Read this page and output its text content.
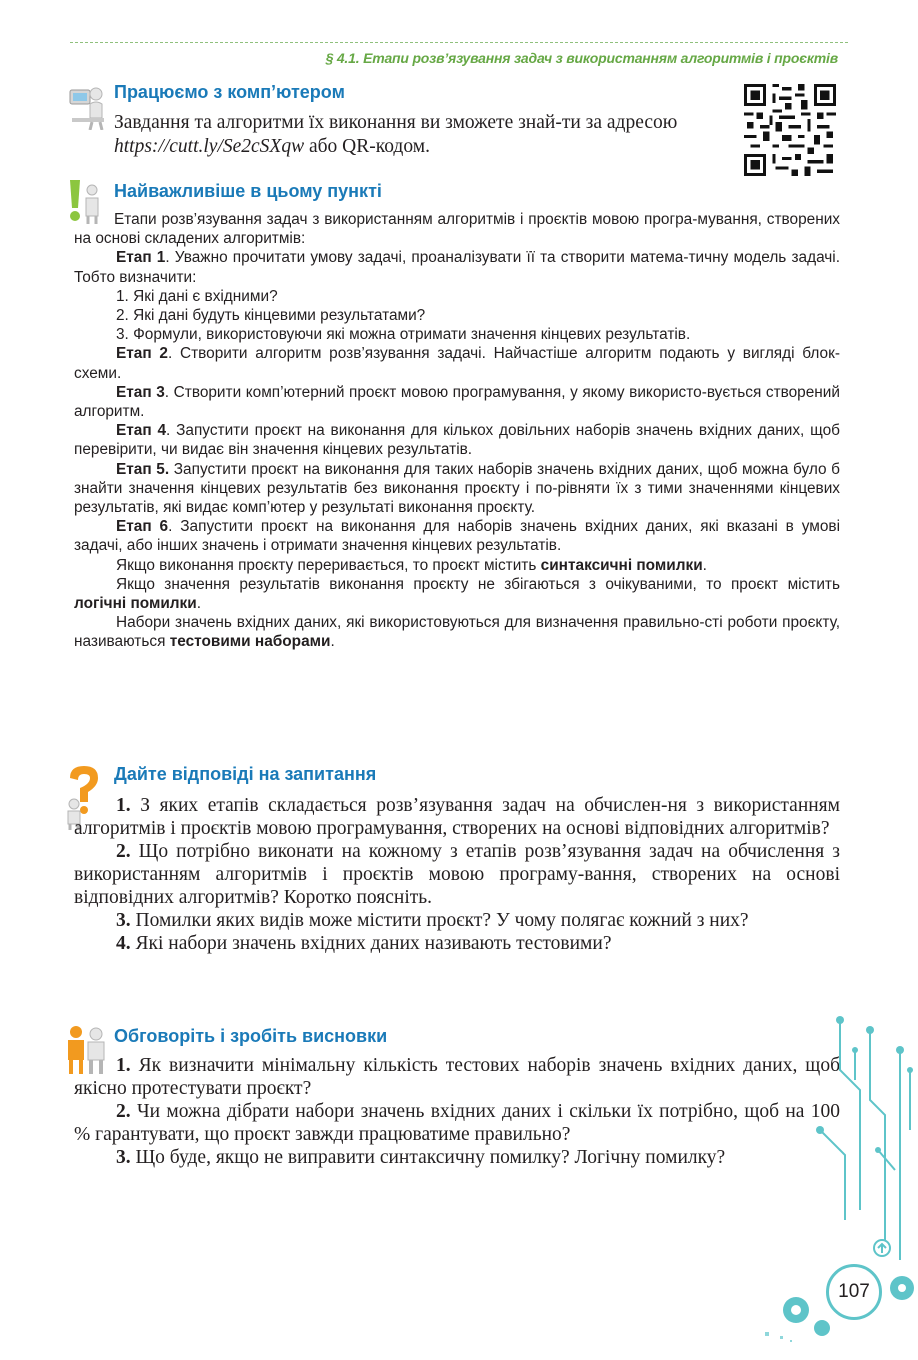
§ 4.1. Етапи розв’язування задач з використанням алгоритмів і проєктів
Працюємо з комп’ютером
Завдання та алгоритми їх виконання ви зможете знай-ти за адресою https://cutt.ly/Se2cSXqw або QR-кодом.
Найважливіше в цьому пункті

Етапи розв’язування задач з використанням алгоритмів і проєктів мовою програ-мування, створених на основі складених алгоритмів:

Етап 1. Уважно прочитати умову задачі, проаналізувати її та створити матема-тичну модель задачі. Тобто визначити:

1. Які дані є вхідними?

2. Які дані будуть кінцевими результатами?

3. Формули, використовуючи які можна отримати значення кінцевих результатів.

Етап 2. Створити алгоритм розв’язування задачі. Найчастіше алгоритм подають у вигляді блок-схеми.

Етап 3. Створити комп’ютерний проєкт мовою програмування, у якому використо-вується створений алгоритм.

Етап 4. Запустити проєкт на виконання для кількох довільних наборів значень вхідних даних, щоб перевірити, чи видає він значення кінцевих результатів.

Етап 5. Запустити проєкт на виконання для таких наборів значень вхідних даних, щоб можна було б знайти значення кінцевих результатів без виконання проєкту і по-рівняти їх з тими значеннями кінцевих результатів, які видає комп’ютер у результаті виконання проєкту.

Етап 6. Запустити проєкт на виконання для наборів значень вхідних даних, які вказані в умові задачі, або інших значень і отримати значення кінцевих результатів.

Якщо виконання проєкту переривається, то проєкт містить синтаксичні помилки.

Якщо значення результатів виконання проєкту не збігаються з очікуваними, то проєкт містить логічні помилки.

Набори значень вхідних даних, які використовуються для визначення правильно-сті роботи проєкту, називаються тестовими наборами.

Дайте відповіді на запитання

1. З яких етапів складається розв’язування задач на обчислен-ня з використанням алгоритмів і проєктів мовою програмування, створених на основі відповідних алгоритмів?

2. Що потрібно виконати на кожному з етапів розв’язування задач на обчислення з використанням алгоритмів і проєктів мовою програму-вання, створених на основі відповідних алгоритмів? Коротко поясніть.

3. Помилки яких видів може містити проєкт? У чому полягає кожний з них?

4. Які набори значень вхідних даних називають тестовими?

Обговоріть і зробіть висновки

1. Як визначити мінімальну кількість тестових наборів значень вхідних даних, щоб якісно протестувати проєкт?

2. Чи можна дібрати набори значень вхідних даних і скільки їх потрібно, щоб на 100 % гарантувати, що проєкт завжди працюватиме правильно?

3. Що буде, якщо не виправити синтаксичну помилку? Логічну помилку?

107
